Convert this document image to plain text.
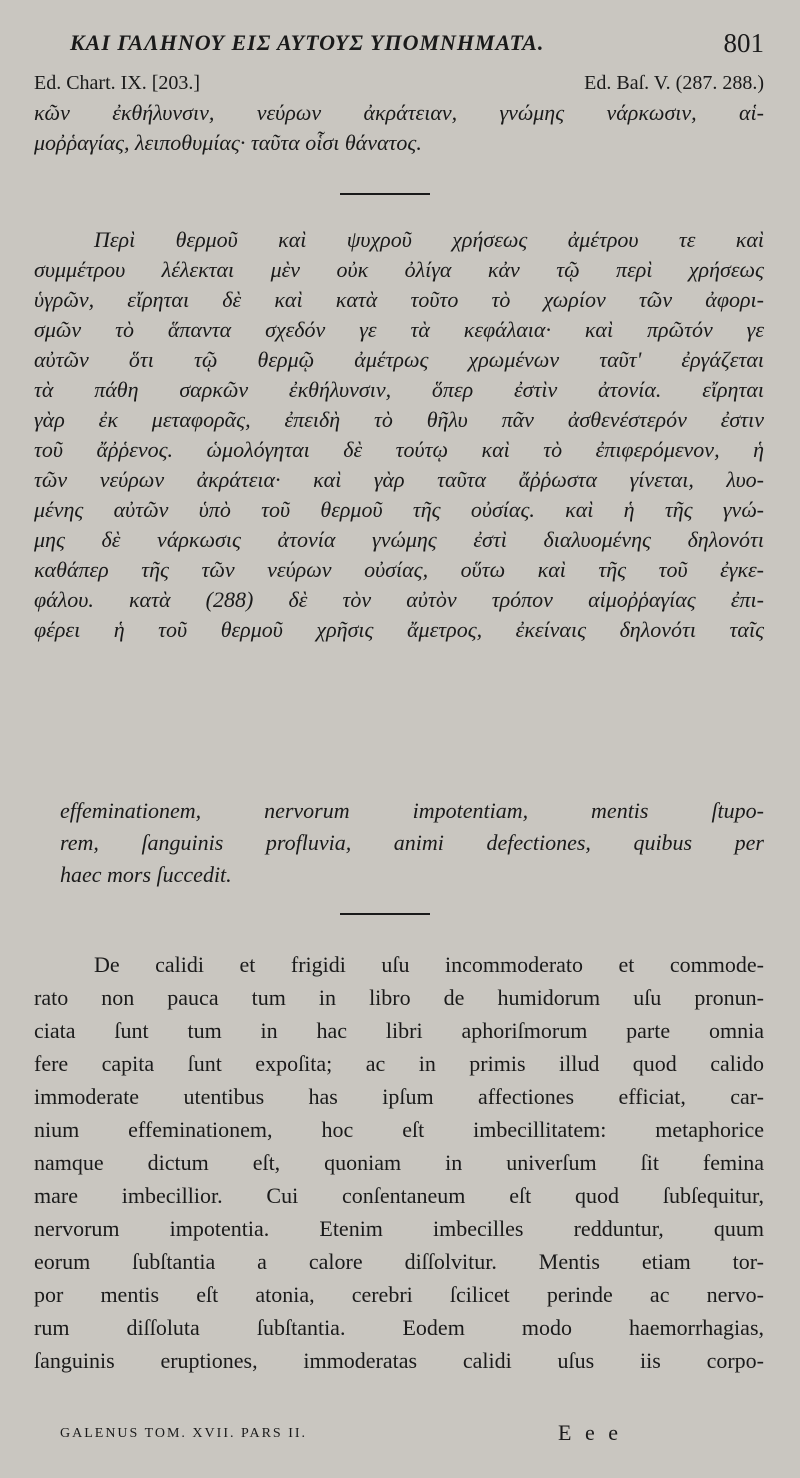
ΚΑΙ ΓΑΛΗΝΟΥ ΕΙΣ ΑΥΤΟΥΣ ΥΠΟΜΝΗΜΑΤΑ.	801
Ed. Chart. IX. [203.]	Ed. Baſ. V. (287. 288.)
κῶν ἐκθήλυνσιν, νεύρων ἀκράτειαν, γνώμης νάρκωσιν, αἱ-
μοῤῥαγίας, λειποθυμίας· ταῦτα οἷσι θάνατος.
Περὶ θερμοῦ καὶ ψυχροῦ χρήσεως ἀμέτρου τε καὶ
συμμέτρου λέλεκται μὲν οὐκ ὀλίγα κἀν τῷ περὶ χρήσεως
ὑγρῶν, εἴρηται δὲ καὶ κατὰ τοῦτο τὸ χωρίον τῶν ἀφορι-
σμῶν τὸ ἅπαντα σχεδόν γε τὰ κεφάλαια· καὶ πρῶτόν γε
αὐτῶν ὅτι τῷ θερμῷ ἀμέτρως χρωμένων ταῦτ' ἐργάζεται
τὰ πάθη σαρκῶν ἐκθήλυνσιν, ὅπερ ἐστὶν ἀτονία. εἴρηται
γὰρ ἐκ μεταφορᾶς, ἐπειδὴ τὸ θῆλυ πᾶν ἀσθενέστερόν ἐστιν
τοῦ ἄῤῥενος. ὡμολόγηται δὲ τούτῳ καὶ τὸ ἐπιφερόμενον, ἡ
τῶν νεύρων ἀκράτεια· καὶ γὰρ ταῦτα ἄῤῥωστα γίνεται, λυο-
μένης αὐτῶν ὑπὸ τοῦ θερμοῦ τῆς οὐσίας. καὶ ἡ τῆς γνώ-
μης δὲ νάρκωσις ἀτονία γνώμης ἐστὶ διαλυομένης δηλονότι
καθάπερ τῆς τῶν νεύρων οὐσίας, οὕτω καὶ τῆς τοῦ ἐγκε-
φάλου. κατὰ (288) δὲ τὸν αὐτὸν τρόπον αἱμοῤῥαγίας ἐπι-
φέρει ἡ τοῦ θερμοῦ χρῆσις ἄμετρος, ἐκείναις δηλονότι ταῖς
effeminationem, nervorum impotentiam, mentis ſtupo-
rem, ſanguinis profluvia, animi defectiones, quibus per
haec mors ſuccedit.
De calidi et frigidi uſu incommoderato et commode-
rato non pauca tum in libro de humidorum uſu pronun-
ciata ſunt tum in hac libri aphoriſmorum parte omnia
fere capita ſunt expoſita; ac in primis illud quod calido
immoderate utentibus has ipſum affectiones efficiat, car-
nium effeminationem, hoc eſt imbecillitatem: metaphorice
namque dictum eſt, quoniam in univerſum ſit femina
mare imbecillior. Cui conſentaneum eſt quod ſubſequitur,
nervorum impotentia. Etenim imbecilles redduntur, quum
eorum ſubſtantia a calore diſſolvitur. Mentis etiam tor-
por mentis eſt atonia, cerebri ſcilicet perinde ac nervo-
rum diſſoluta ſubſtantia. Eodem modo haemorrhagias,
ſanguinis eruptiones, immoderatas calidi uſus iis corpo-
GALENUS TOM. XVII. PARS II.	E e e
